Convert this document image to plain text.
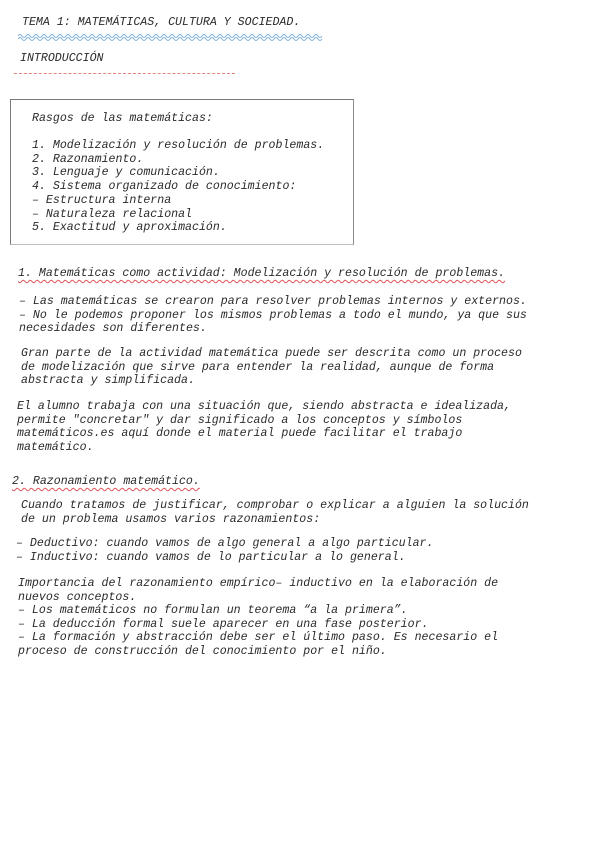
TEMA 1: MATEMÁTICAS, CULTURA Y SOCIEDAD.
INTRODUCCIÓN
Rasgos de las matemáticas:
1. Modelización y resolución de problemas.
2. Razonamiento.
3. Lenguaje y comunicación.
4. Sistema organizado de conocimiento:
– Estructura interna
– Naturaleza relacional
5. Exactitud y aproximación.
1. Matemáticas como actividad: Modelización y resolución de problemas.
– Las matemáticas se crearon para resolver problemas internos y externos.
– No le podemos proponer los mismos problemas a todo el mundo, ya que sus
necesidades son diferentes.
Gran parte de la actividad matemática puede ser descrita como un proceso
de modelización que sirve para entender la realidad, aunque de forma
abstracta y simplificada.
El alumno trabaja con una situación que, siendo abstracta e idealizada,
permite "concretar" y dar significado a los conceptos y símbolos
matemáticos.es aquí donde el material puede facilitar el trabajo
matemático.
2. Razonamiento matemático.
Cuando tratamos de justificar, comprobar o explicar a alguien la solución
de un problema usamos varios razonamientos:
– Deductivo: cuando vamos de algo general a algo particular.
– Inductivo: cuando vamos de lo particular a lo general.
Importancia del razonamiento empírico– inductivo en la elaboración de
nuevos conceptos.
– Los matemáticos no formulan un teorema “a la primera”.
– La deducción formal suele aparecer en una fase posterior.
– La formación y abstracción debe ser el último paso. Es necesario el
proceso de construcción del conocimiento por el niño.
